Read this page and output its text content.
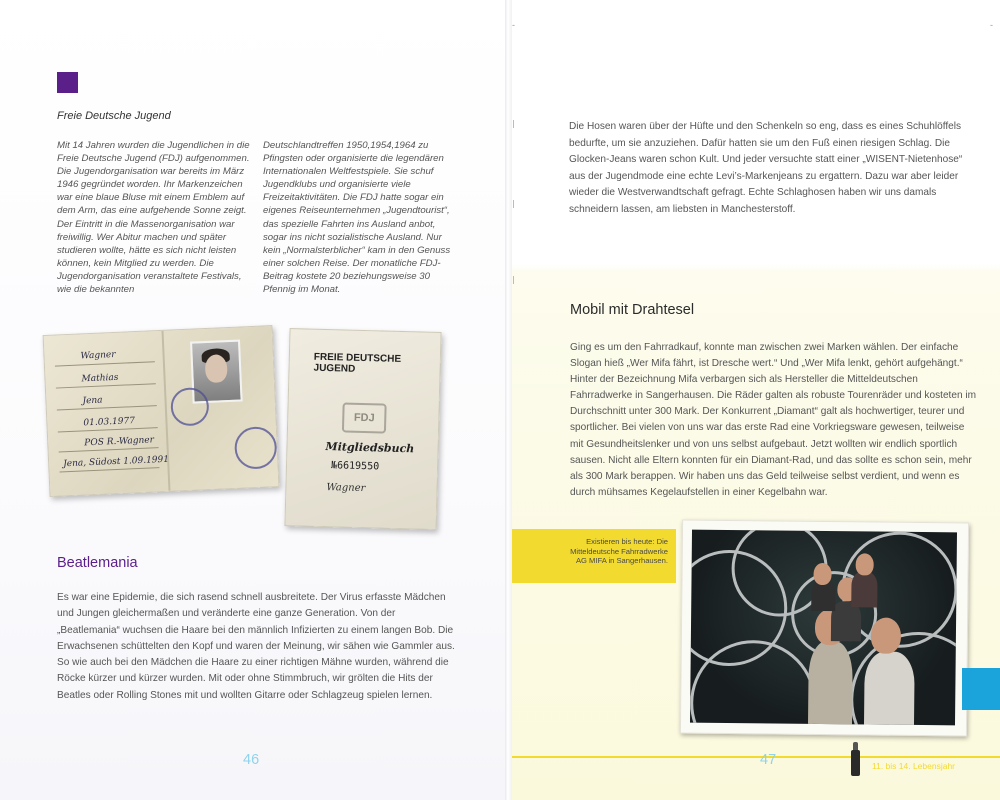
Freie Deutsche Jugend
Mit 14 Jahren wurden die Jugendlichen in die Freie Deutsche Jugend (FDJ) aufgenommen. Die Jugendorganisation war bereits im März 1946 gegründet worden. Ihr Markenzeichen war eine blaue Bluse mit einem Emblem auf dem Arm, das eine aufgehende Sonne zeigt. Der Eintritt in die Massenorganisation war freiwillig. Wer Abitur machen und später studieren wollte, hätte es sich nicht leisten können, kein Mitglied zu werden. Die Jugendorganisation veranstaltete Festivals, wie die bekannten
Deutschlandtreffen 1950,1954,1964 zu Pfingsten oder organisierte die legendären Internationalen Weltfestspiele. Sie schuf Jugendklubs und organisierte viele Freizeitaktivitäten. Die FDJ hatte sogar ein eigenes Reiseunternehmen „Jugendtourist“, das spezielle Fahrten ins Ausland anbot, sogar ins nicht sozialistische Ausland. Nur kein „Normalsterblicher“ kam in den Genuss einer solchen Reise. Der monatliche FDJ-Beitrag kostete 20 beziehungsweise 30 Pfennig im Monat.
Wagner
Mathias
Jena
01.03.1977
POS R.-Wagner
Jena, Südost 1.09.1991
FREIE DEUTSCHE JUGEND
FDJ
Mitgliedsbuch
№6619550
Wagner
Beatlemania
Es war eine Epidemie, die sich rasend schnell ausbreitete. Der Virus erfasste Mädchen und Jungen gleichermaßen und veränderte eine ganze Generation. Von der „Beatlemania“ wuchsen die Haare bei den männlich Infizierten zu einem langen Bob. Die Erwachsenen schüttelten den Kopf und waren der Meinung, wir sähen wie Gammler aus. So wie auch bei den Mädchen die Haare zu einer richtigen Mähne wurden, während die Röcke kürzer und kürzer wurden. Mit oder ohne Stimmbruch, wir grölten die Hits der Beatles oder Rolling Stones mit und wollten Gitarre oder Schlagzeug spielen lernen.
46
-	-
Die Hosen waren über der Hüfte und den Schenkeln so eng, dass es eines Schuhlöffels bedurfte, um sie anzuziehen. Dafür hatten sie um den Fuß einen riesigen Schlag. Die Glocken-Jeans waren schon Kult. Und jeder versuchte statt einer „WISENT-Nietenhose“ aus der Jugendmode eine echte Levi’s-Markenjeans zu ergattern. Dazu war aber leider wieder die Westverwandtschaft gefragt. Echte Schlaghosen haben wir uns damals schneidern lassen, am liebsten in Manchesterstoff.
Mobil mit Drahtesel
Ging es um den Fahrradkauf, konnte man zwischen zwei Marken wählen. Der einfache Slogan hieß „Wer Mifa fährt, ist Dresche wert.“ Und „Wer Mifa lenkt, gehört aufgehängt.“ Hinter der Bezeichnung Mifa verbargen sich als Hersteller die Mitteldeutschen Fahrradwerke in Sangerhausen. Die Räder galten als robuste Tourenräder und kosteten im Durchschnitt unter 300 Mark. Der Konkurrent „Diamant“ galt als hochwertiger, teurer und sportlicher. Bei vielen von uns war das erste Rad eine Vorkriegsware gewesen, teilweise mit Gesundheitslenker und von uns selbst aufgebaut. Jetzt wollten wir endlich sportlich sausen. Nicht alle Eltern konnten für ein Diamant-Rad, und das sollte es schon sein, mehr als 300 Mark berappen. Wir haben uns das Geld teilweise selbst verdient, und wenn es durch mühsames Kegelaufstellen in einer Kegelbahn war.
Existieren bis heute: Die Mitteldeutsche Fahrradwerke AG MIFA in Sangerhausen.
47	11. bis 14. Lebensjahr
